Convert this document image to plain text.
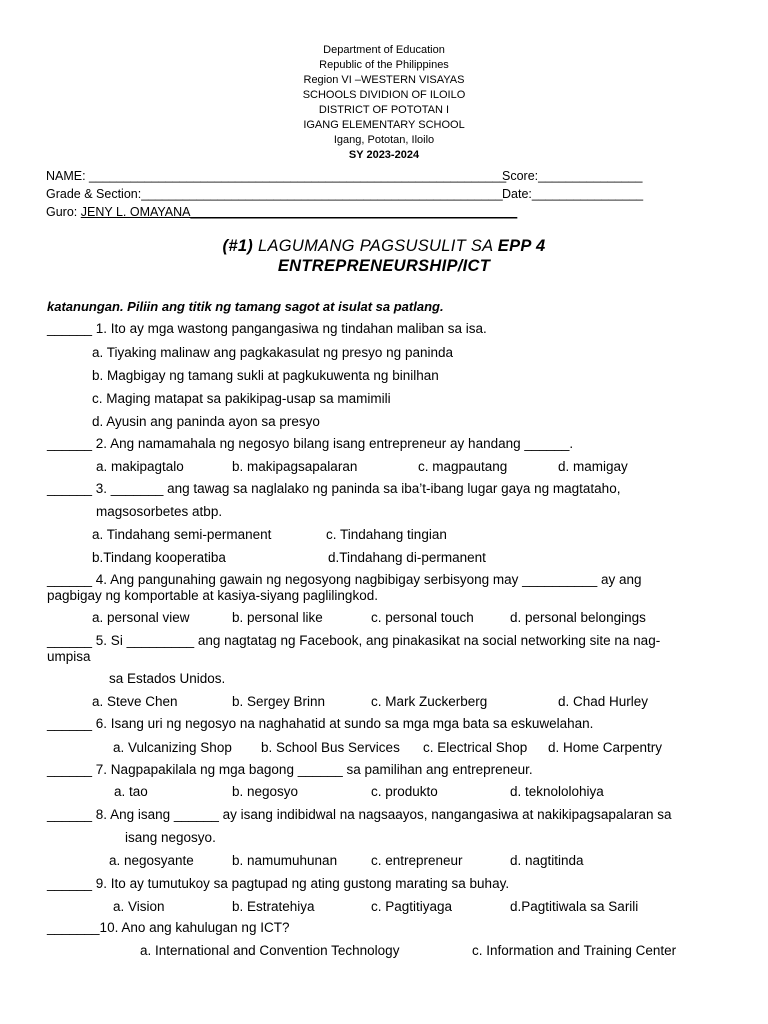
Department of Education
Republic of the Philippines
Region VI –WESTERN VISAYAS
SCHOOLS DIVIDION OF ILOILO
DISTRICT OF POTOTAN I
IGANG ELEMENTARY SCHOOL
Igang, Pototan, Iloilo
SY 2023-2024
NAME: ____________________________________________________________
Score:_______________
Grade & Section:____________________________________________________ Date:________________
Guro: JENY L. OMAYANA_______________________________________________
(#1) LAGUMANG PAGSUSULIT SA EPP 4
ENTREPRENEURSHIP/ICT
katanungan. Piliin ang titik ng tamang sagot at isulat sa patlang.
______ 1. Ito ay mga wastong pangangasiwa ng tindahan maliban sa isa.
a. Tiyaking malinaw ang pagkakasulat ng presyo ng paninda
b. Magbigay ng tamang sukli at pagkukuwenta ng binilhan
c. Maging matapat sa pakikipag-usap sa mamimili
d. Ayusin ang paninda ayon sa presyo
______ 2. Ang namamahala ng negosyo bilang isang entrepreneur ay handang ______.
a. makipagtalo	b. makipagsapalaran	c. magpautang	d. mamigay
______ 3. _______ ang tawag sa naglalako ng paninda sa iba’t-ibang lugar gaya ng magtataho,
magsosorbetes atbp.
a. Tindahang semi-permanent	c. Tindahang tingian
b.Tindang kooperatiba	d.Tindahang di-permanent
______ 4. Ang pangunahing gawain ng negosyong nagbibigay serbisyong may __________ ay ang
pagbigay ng komportable at kasiya-siyang paglilingkod.
a. personal view	b. personal like	c. personal touch	d. personal belongings
______ 5. Si _________ ang nagtatag ng Facebook, ang pinakasikat na social networking site na nag-
umpisa
sa Estados Unidos.
a. Steve Chen	b. Sergey Brinn	c. Mark Zuckerberg	d. Chad Hurley
______ 6. Isang uri ng negosyo na naghahatid at sundo sa mga mga bata sa eskuwelahan.
a. Vulcanizing Shop b. School Bus Services c. Electrical Shop d. Home Carpentry
______ 7. Nagpapakilala ng mga bagong ______ sa pamilihan ang entrepreneur.
a. tao	b. negosyo	c. produkto	d. teknololohiya
______ 8. Ang isang ______ ay isang indibidwal na nagsaayos, nangangasiwa at nakikipagsapalaran sa
isang negosyo.
a. negosyante	b. namumuhunan	c. entrepreneur	d. nagtitinda
______ 9. Ito ay tumutukoy sa pagtupad ng ating gustong marating sa buhay.
a. Vision	b. Estratehiya	c. Pagtitiyaga	d.Pagtitiwala sa Sarili
_______10. Ano ang kahulugan ng ICT?
a. International and Convention Technology	c. Information and Training Center
